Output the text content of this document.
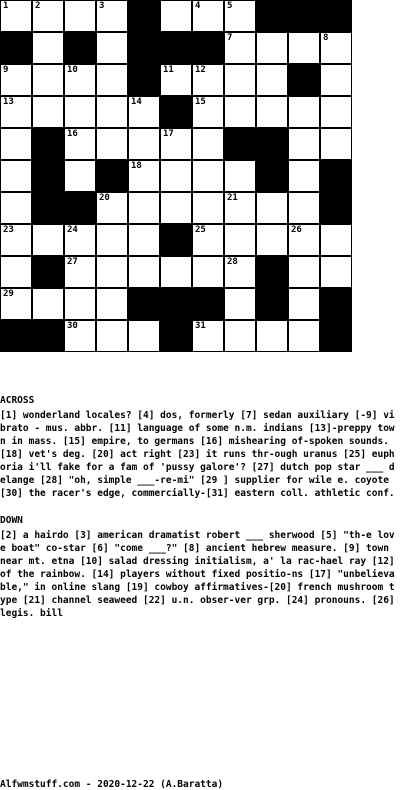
1	2	3	4	5
7	8
9	10	11 12
13	14	15
16	17
18
20	21
23	24	25	26
27	28
29
30	31
ACROSS

[1] wonderland locales? [4] dos, formerly [7] sedan auxiliary [-9] vibrato - mus. abbr. [11] language of some n.m. indians [13]-preppy town in mass. [15] empire, to germans [16] mishearing of-spoken sounds. [18] vet's deg. [20] act right [23] it runs thr-ough uranus [25] euphoria i'll fake for a fam of 'pussy galore'? [27] dutch pop star ___ delange [28] "oh, simple ___-re-mi" [29 ] supplier for wile e. coyote [30] the racer's edge, commercially-[31] eastern coll. athletic conf.

DOWN

[2] a hairdo [3] american dramatist robert ___ sherwood [5] "th-e love boat" co-star [6] "come ___?" [8] ancient hebrew measure. [9] town near mt. etna [10] salad dressing initialism, a' la rac-hael ray [12] of the rainbow. [14] players without fixed positio-ns [17] "unbelievable," in online slang [19] cowboy affirmatives-[20] french mushroom type [21] channel seaweed [22] u.n. obser-ver grp. [24] pronouns. [26] legis. bill

Alfwmstuff.com - 2020-12-22 (A.Baratta)
